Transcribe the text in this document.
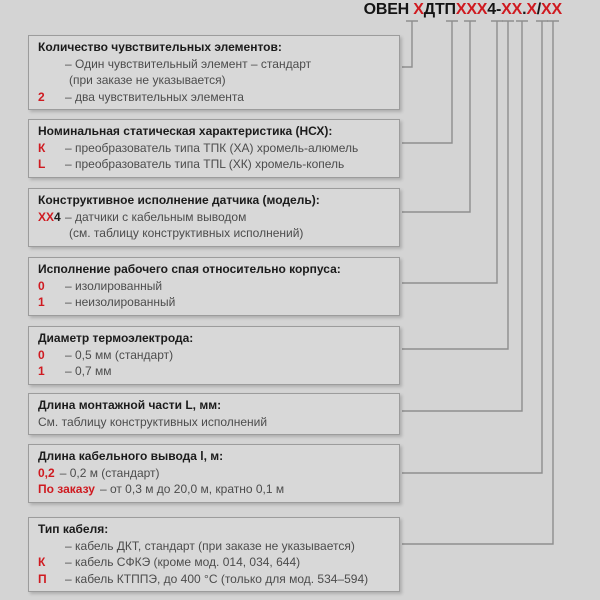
ОВЕН ХДТПХХХ4-ХХ.Х/ХХ
Количество чувствительных элементов:
– Один чувствительный элемент – стандарт
(при заказе не указывается)
2	– два чувствительных элемента
Номинальная статическая характеристика (НСХ):
К	– преобразователь типа ТПК (ХА) хромель-алюмель
L	– преобразователь типа ТПL (ХК) хромель-копель
Конструктивное исполнение датчика (модель):
ХХ4 – датчики с кабельным выводом
(см. таблицу конструктивных исполнений)
Исполнение рабочего спая относительно корпуса:
0	– изолированный
1	– неизолированный
Диаметр термоэлектрода:
0	– 0,5 мм (стандарт)
1	– 0,7 мм
Длина монтажной части L, мм:
См. таблицу конструктивных исполнений
Длина кабельного вывода l, м:
0,2 – 0,2 м (стандарт)
По заказу – от 0,3 м до 20,0 м, кратно 0,1 м
Тип кабеля:
– кабель ДКТ, стандарт (при заказе не указывается)
К	– кабель СФКЭ (кроме мод. 014, 034, 644)
П	– кабель КТППЭ, до 400 °С (только для мод. 534–594)
